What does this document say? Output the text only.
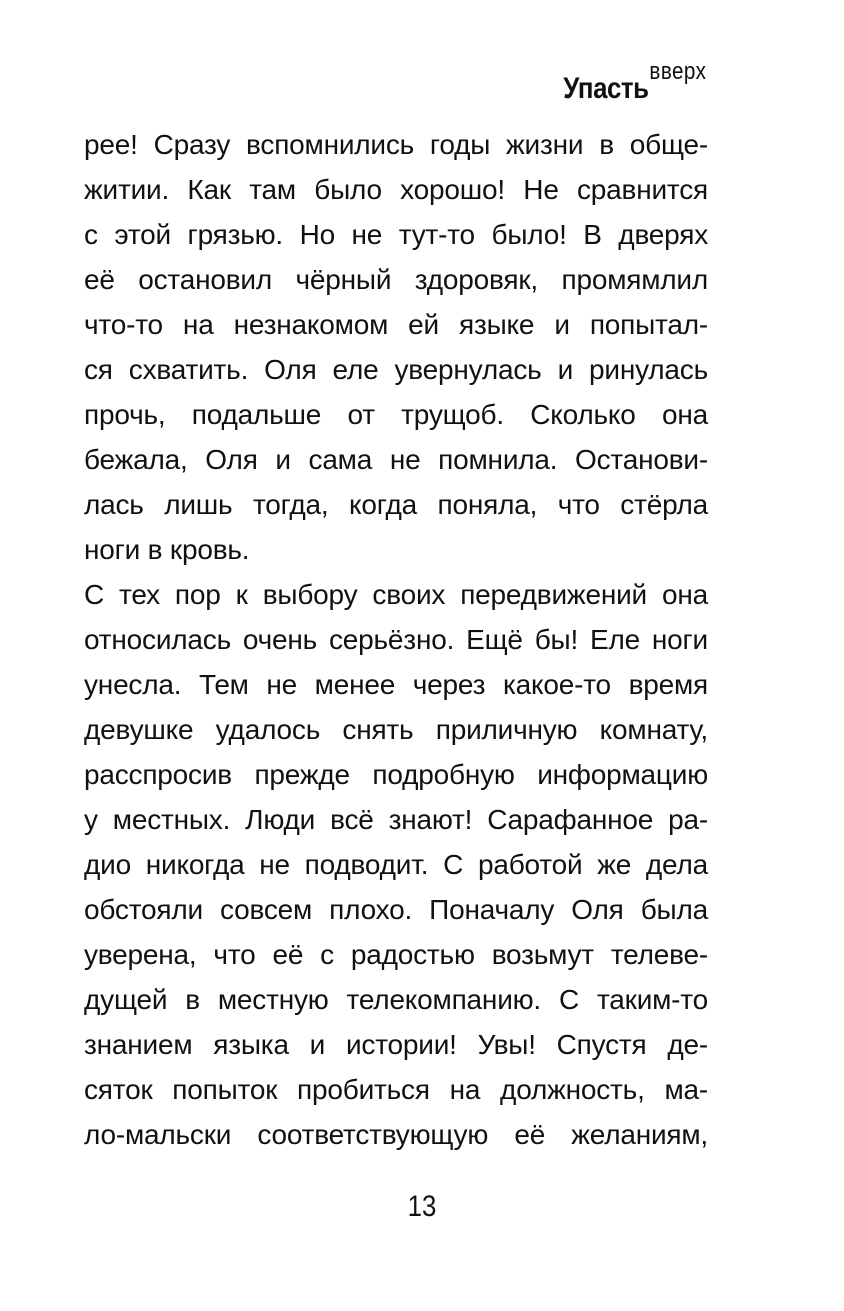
Упастьвверх
рее! Сразу вспомнились годы жизни в обще-
житии. Как там было хорошо! Не сравнится
с этой грязью. Но не тут-то было! В дверях
её остановил чёрный здоровяк, промямлил
что-то на незнакомом ей языке и попытал-
ся схватить. Оля еле увернулась и ринулась
прочь, подальше от трущоб. Сколько она
бежала, Оля и сама не помнила. Останови-
лась лишь тогда, когда поняла, что стёрла
ноги в кровь.
С тех пор к выбору своих передвижений она
относилась очень серьёзно. Ещё бы! Еле ноги
унесла. Тем не менее через какое-то время
девушке удалось снять приличную комнату,
расспросив прежде подробную информацию
у местных. Люди всё знают! Сарафанное ра-
дио никогда не подводит. С работой же дела
обстояли совсем плохо. Поначалу Оля была
уверена, что её с радостью возьмут телеве-
дущей в местную телекомпанию. С таким-то
знанием языка и истории! Увы! Спустя де-
сяток попыток пробиться на должность, ма-
ло-мальски соответствующую её желаниям,
13
